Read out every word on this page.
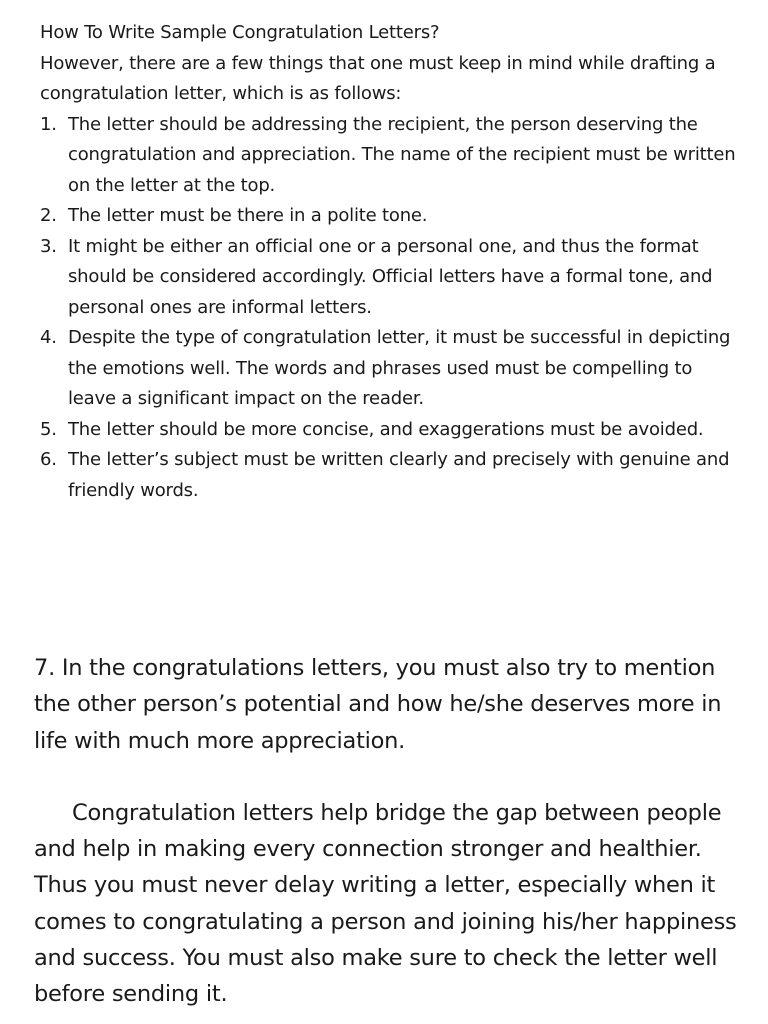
How To Write Sample Congratulation Letters?

However, there are a few things that one must keep in mind while drafting a congratulation letter, which is as follows:

1. The letter should be addressing the recipient, the person deserving the congratulation and appreciation. The name of the recipient must be written on the letter at the top.
2. The letter must be there in a polite tone.
3. It might be either an official one or a personal one, and thus the format should be considered accordingly. Official letters have a formal tone, and personal ones are informal letters.
4. Despite the type of congratulation letter, it must be successful in depicting the emotions well. The words and phrases used must be compelling to leave a significant impact on the reader.
5. The letter should be more concise, and exaggerations must be avoided.
6. The letter’s subject must be written clearly and precisely with genuine and friendly words.

7. In the congratulations letters, you must also try to mention the other person’s potential and how he/she deserves more in life with much more appreciation.

Congratulation letters help bridge the gap between people and help in making every connection stronger and healthier. Thus you must never delay writing a letter, especially when it comes to congratulating a person and joining his/her happiness and success. You must also make sure to check the letter well before sending it.
